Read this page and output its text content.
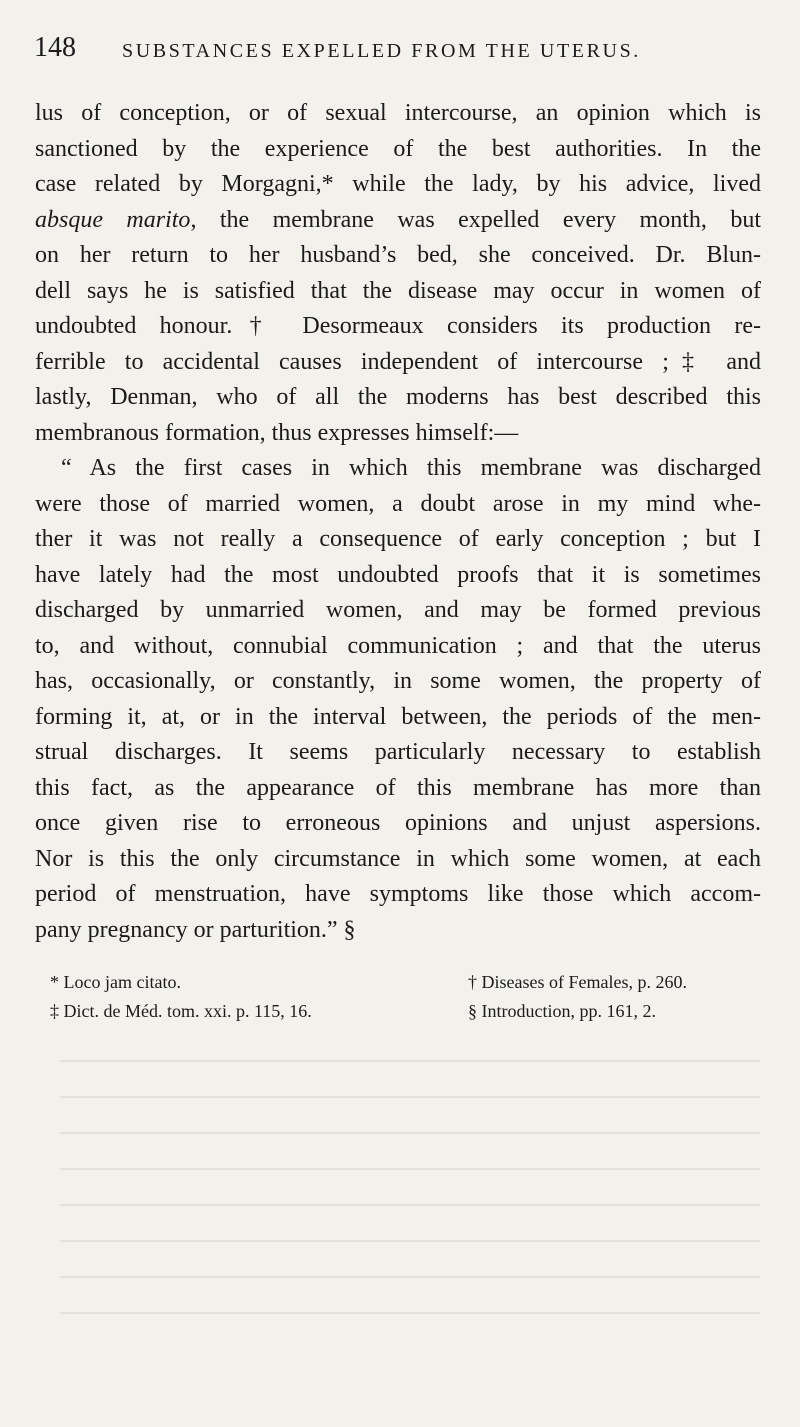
148 SUBSTANCES EXPELLED FROM THE UTERUS.
lus of conception, or of sexual intercourse, an opinion which is
sanctioned by the experience of the best authorities. In the
case related by Morgagni,* while the lady, by his advice, lived
absque marito, the membrane was expelled every month, but
on her return to her husband’s bed, she conceived. Dr. Blun-
dell says he is satisfied that the disease may occur in women of
undoubted honour.† Desormeaux considers its production re-
ferrible to accidental causes independent of intercourse ;‡ and
lastly, Denman, who of all the moderns has best described this
membranous formation, thus expresses himself:—
“ As the first cases in which this membrane was discharged
were those of married women, a doubt arose in my mind whe-
ther it was not really a consequence of early conception ; but I
have lately had the most undoubted proofs that it is sometimes
discharged by unmarried women, and may be formed previous
to, and without, connubial communication ; and that the uterus
has, occasionally, or constantly, in some women, the property of
forming it, at, or in the interval between, the periods of the men-
strual discharges. It seems particularly necessary to establish
this fact, as the appearance of this membrane has more than
once given rise to erroneous opinions and unjust aspersions.
Nor is this the only circumstance in which some women, at each
period of menstruation, have symptoms like those which accom-
pany pregnancy or parturition.” §
* Loco jam citato.	† Diseases of Females, p. 260.
‡ Dict. de Méd. tom. xxi. p. 115, 16.	§ Introduction, pp. 161, 2.
